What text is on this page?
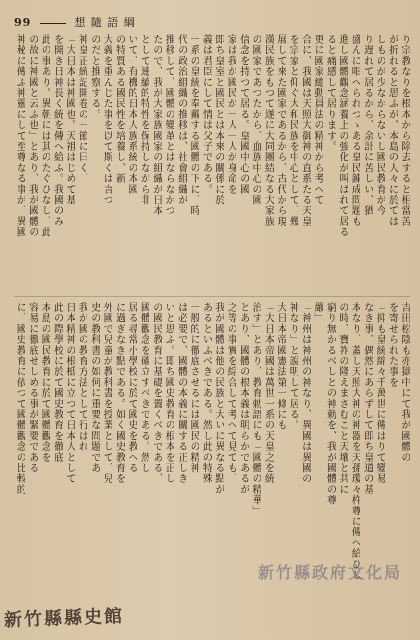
99	想 隨 語 綱
り宗教なりを根本から除去すると相當苦
が折れると思ふが、本島の人々に於ては
しものが少なからないし國民教育が今
り遅れて居るから、余計に苦しい、猶
盛んに唱へられつゝある皇民錬成問題も
進し國體觀念涵養上の強化が叫ばれて居る
ると痛感して居ります。
更に國家總動員法の精神から考へて
合に、我國は天照大御神の直系たる天皇
を宗家と仰ぐ大和民族を中心として、幾
展して來た國家であるから、古代から現
漢民族をもつて遂に大同團結なる大家族
の國家であつたから、血族中心の國
信念を持つて居る。皇國中心の國
家は我が國民が一人一人が身命を
即ち皇室と國民とは本來の關係に於
義は君臣にして情は父子である。
一系の皇統を奉戴する國體の下に、時
代の政治組織の推移は、社會組織が
推移して、國體の變革とはならなかつ
たので、我が大家族國家の組織が日本
として連續的特性を保持しながら非
いて、有機的日本人族系統の本國
の特質ある國民性を培養し、新
大義を重んじた事を以て斯くは言つ
のだと推察する。
神皇正統記開卷の一節に曰く、
「大日本は神國也。天祖はじめて基
を開き日神長く統を傳へ給ふ。我國のみ
此の事あり。異朝には其のたぐひなし、此
の故に神國と云ふ也」とあり、我が國體の
神秘に傳ふ神靈にして至尊なる事が、異國
吉田松陰も亦獄中にて我が國體の
を寄せられた事を
「抑も皇統綿々千萬世に傳はりて變易
なき事、偶然にあらずして即ち皇道の基
本なり、蓋し天照大神の神器を天孫瓊々杵尊に傳へ給ひし
の時、寶祚の隆えまさむこと天壤と共に
窮り無かるべしとの神勅を、我が國體の尊
嚴」
「神州は神州の神なり、異國は異國の
神なり」と說明して居る。
大日本帝國憲法第一條にも
「大日本帝國は萬世一系の天皇之を統
治す」とあり、教育勅語にも「國體の精華」
とあり、國體の根本義は明らかであるが
之等の事實を綜合して考へて見ても、
我が國體は他の民族と大いに異なる點が
あるといふべきである。然し此の特殊
一般的に徹底させるには國民の精神
は必要で、國體の本義に關する正しき
いと思ふ。即ち國史教育の根本を正し
の國民教育に基礎を置くべきである、
國體觀念を確立すべきである。然し
居る尋常小學校に於て國史を教へる
に過ぎなき點である。如く國史教育を
外國で兒童が教科書を授業として、兒
史の教科書の如何に重要な問題であ
我が國の教育方法として行はれ
日本精神の根柢に立つて日本人として
此の際學校に於て國史教育を徹底
本島の國民教育に於て國體觀念を
容易に徹底せしめる事が緊要である
に、國史教育に依つて國體觀念の比較的
新竹縣縣史館
新竹縣政府文化局
